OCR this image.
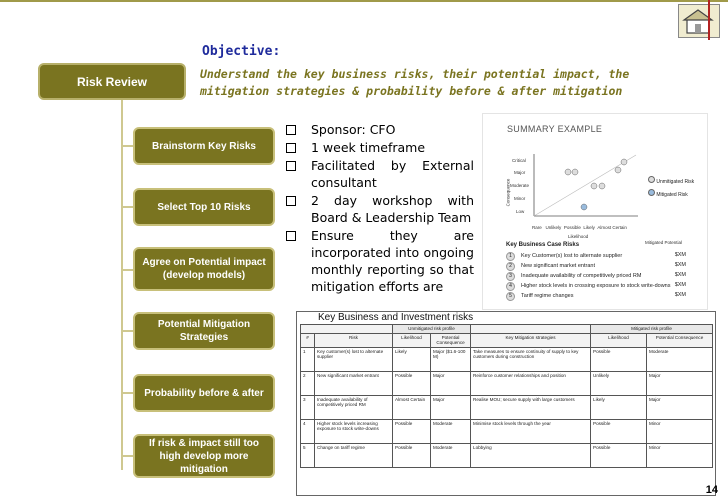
Objective:
Understand the key business risks, their potential impact, the mitigation strategies & probability before & after mitigation
Risk Review
Brainstorm Key Risks
Select Top 10 Risks
Agree on Potential impact (develop models)
Potential Mitigation Strategies
Probability before & after
If risk & impact still too high develop more mitigation
Sponsor: CFO
1 week timeframe
Facilitated by External consultant
2 day workshop with Board & Leadership Team
Ensure they are incorporated into ongoing monthly reporting so that mitigation efforts are
SUMMARY EXAMPLE
Critical
Major
Moderate
Minor
Low
Rare Unlikely Possible Likely Almost Certain
Likelihood
Consequence	Unmitigated Risk
Mitigated Risk
Key Business Case Risks	Mitigated Potential
1 Key Customer(s) lost to alternate supplier	$XM
2 New significant market entrant	$XM
3 Inadequate availability of competitively priced RM	$XM
4 Higher stock levels in crossing exposure to stock write-downs $XM
5 Tariff regime changes	$XM
Key Business and Investment risks
		Unmitigated risk profile			Mitigated risk profile	
#	Risk	Likelihood	Potential Consequence	Key Mitigation strategies	Likelihood	Potential Consequence
1	Key customer(s) lost to alternate supplier	Likely	Major ($1.6-100 M)	Take measures to ensure continuity of supply to key customers during construction	Possible	Moderate
2	New significant market entrant	Possible	Major	Reinforce customer relationships and position	Unlikely	Major
3	Inadequate availability of competitively priced RM	Almost Certain	Major	Realise MOU; secure supply with large customers	Likely	Major
4	Higher stock levels increasing exposure to stock write-downs	Possible	Moderate	Minimise stock levels through the year	Possible	Minor
5	Change on tariff regime	Possible	Moderate	Lobbying	Possible	Minor
14
